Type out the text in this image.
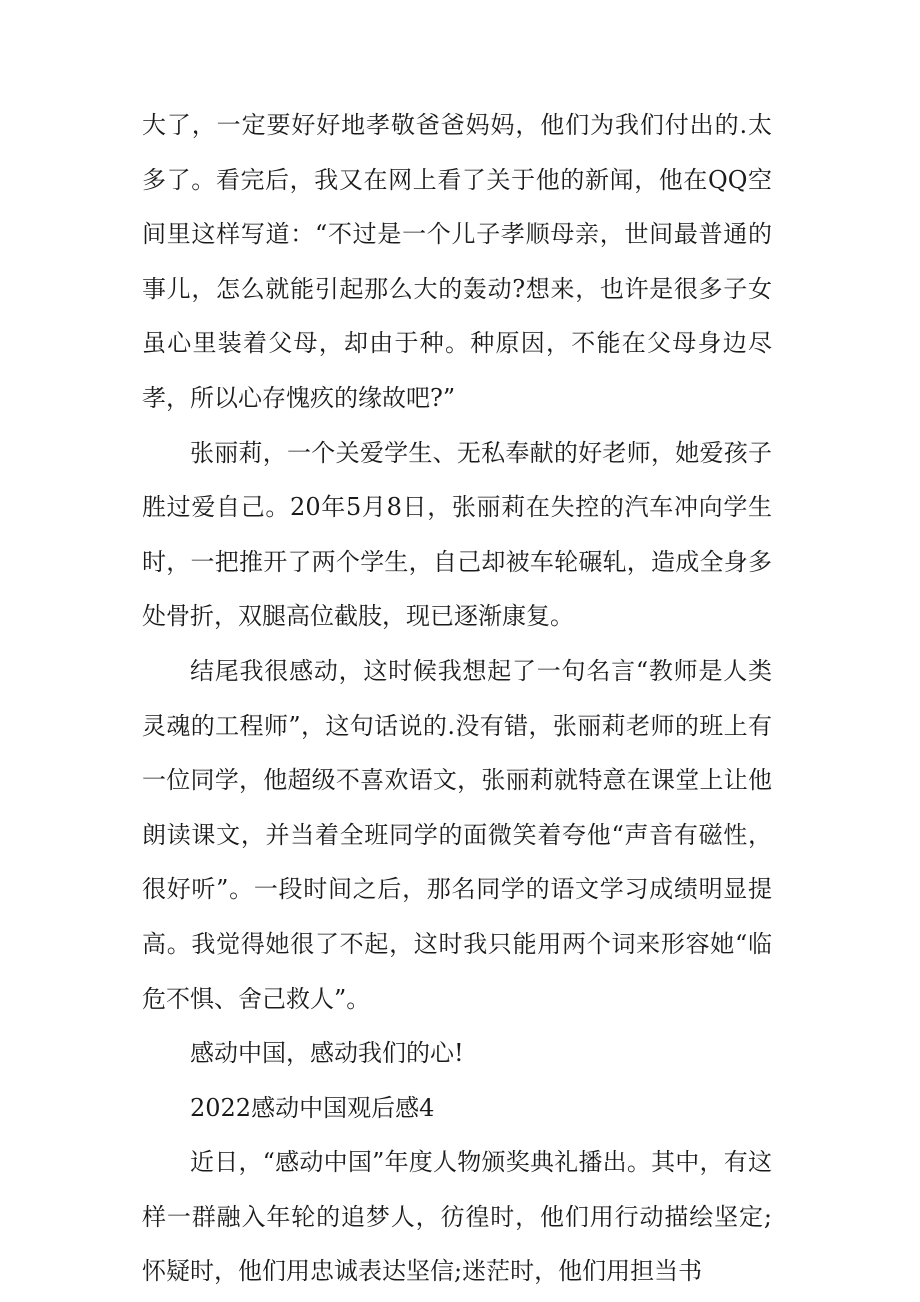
大了，一定要好好地孝敬爸爸妈妈，他们为我们付出的.太多了。看完后，我又在网上看了关于他的新闻，他在QQ空间里这样写道：“不过是一个儿子孝顺母亲，世间最普通的事儿，怎么就能引起那么大的轰动?想来，也许是很多子女虽心里装着父母，却由于种。种原因，不能在父母身边尽孝，所以心存愧疚的缘故吧?”

张丽莉，一个关爱学生、无私奉献的好老师，她爱孩子胜过爱自己。20年5月8日，张丽莉在失控的汽车冲向学生时，一把推开了两个学生，自己却被车轮碾轧，造成全身多处骨折，双腿高位截肢，现已逐渐康复。

结尾我很感动，这时候我想起了一句名言“教师是人类灵魂的工程师”，这句话说的.没有错，张丽莉老师的班上有一位同学，他超级不喜欢语文，张丽莉就特意在课堂上让他朗读课文，并当着全班同学的面微笑着夸他“声音有磁性，很好听”。一段时间之后，那名同学的语文学习成绩明显提高。我觉得她很了不起，这时我只能用两个词来形容她“临危不惧、舍己救人”。

感动中国，感动我们的心!

2022感动中国观后感4

近日，“感动中国”年度人物颁奖典礼播出。其中，有这样一群融入年轮的追梦人，彷徨时，他们用行动描绘坚定;怀疑时，他们用忠诚表达坚信;迷茫时，他们用担当书
